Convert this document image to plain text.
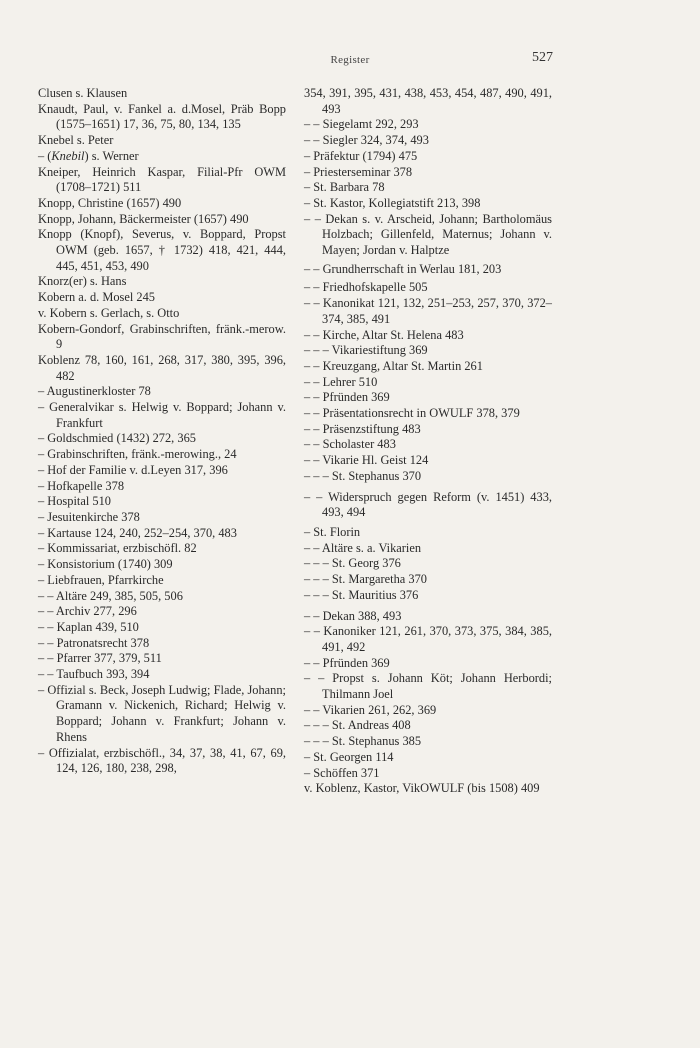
Register	527

Clusen s. Klausen

Knaudt, Paul, v. Fankel a. d.Mosel, Präb Bopp (1575–1651) 17, 36, 75, 80, 134, 135

Knebel s. Peter

– (Knebil) s. Werner

Kneiper, Heinrich Kaspar, Filial-Pfr OWM (1708–1721) 511

Knopp, Christine (1657) 490

Knopp, Johann, Bäckermeister (1657) 490

Knopp (Knopf), Severus, v. Boppard, Propst OWM (geb. 1657, † 1732) 418, 421, 444, 445, 451, 453, 490

Knorz(er) s. Hans

Kobern a. d. Mosel 245

v. Kobern s. Gerlach, s. Otto

Kobern-Gondorf, Grabinschriften, fränk.-merow. 9

Koblenz 78, 160, 161, 268, 317, 380, 395, 396, 482

– Augustinerkloster 78

– Generalvikar s. Helwig v. Boppard; Johann v. Frankfurt

– Goldschmied (1432) 272, 365

– Grabinschriften, fränk.-merowing., 24

– Hof der Familie v. d.Leyen 317, 396

– Hofkapelle 378

– Hospital 510

– Jesuitenkirche 378

– Kartause 124, 240, 252–254, 370, 483

– Kommissariat, erzbischöfl. 82

– Konsistorium (1740) 309

– Liebfrauen, Pfarrkirche

– – Altäre 249, 385, 505, 506

– – Archiv 277, 296

– – Kaplan 439, 510

– – Patronatsrecht 378

– – Pfarrer 377, 379, 511

– – Taufbuch 393, 394

– Offizial s. Beck, Joseph Ludwig; Flade, Johann; Gramann v. Nickenich, Richard; Helwig v. Boppard; Johann v. Frankfurt; Johann v. Rhens

– Offizialat, erzbischöfl., 34, 37, 38, 41, 67, 69, 124, 126, 180, 238, 298,

354, 391, 395, 431, 438, 453, 454, 487, 490, 491, 493

– – Siegelamt 292, 293

– – Siegler 324, 374, 493

– Präfektur (1794) 475

– Priesterseminar 378

– St. Barbara 78

– St. Kastor, Kollegiatstift 213, 398

– – Dekan s. v. Arscheid, Johann; Bartholomäus Holzbach; Gillenfeld, Maternus; Johann v. Mayen; Jordan v. Halptze

– – Grundherrschaft in Werlau 181, 203

– – Friedhofskapelle 505

– – Kanonikat 121, 132, 251–253, 257, 370, 372–374, 385, 491

– – Kirche, Altar St. Helena 483

– – – Vikariestiftung 369

– – Kreuzgang, Altar St. Martin 261

– – Lehrer 510

– – Pfründen 369

– – Präsentationsrecht in OWULF 378, 379

– – Präsenzstiftung 483

– – Scholaster 483

– – Vikarie Hl. Geist 124

– – – St. Stephanus 370

– – Widerspruch gegen Reform (v. 1451) 433, 493, 494

– St. Florin

– – Altäre s. a. Vikarien

– – – St. Georg 376

– – – St. Margaretha 370

– – – St. Mauritius 376

– – Dekan 388, 493

– – Kanoniker 121, 261, 370, 373, 375, 384, 385, 491, 492

– – Pfründen 369

– – Propst s. Johann Köt; Johann Herbordi; Thilmann Joel

– – Vikarien 261, 262, 369

– – – St. Andreas 408

– – – St. Stephanus 385

– St. Georgen 114

– Schöffen 371

v. Koblenz, Kastor, VikOWULF (bis 1508) 409
